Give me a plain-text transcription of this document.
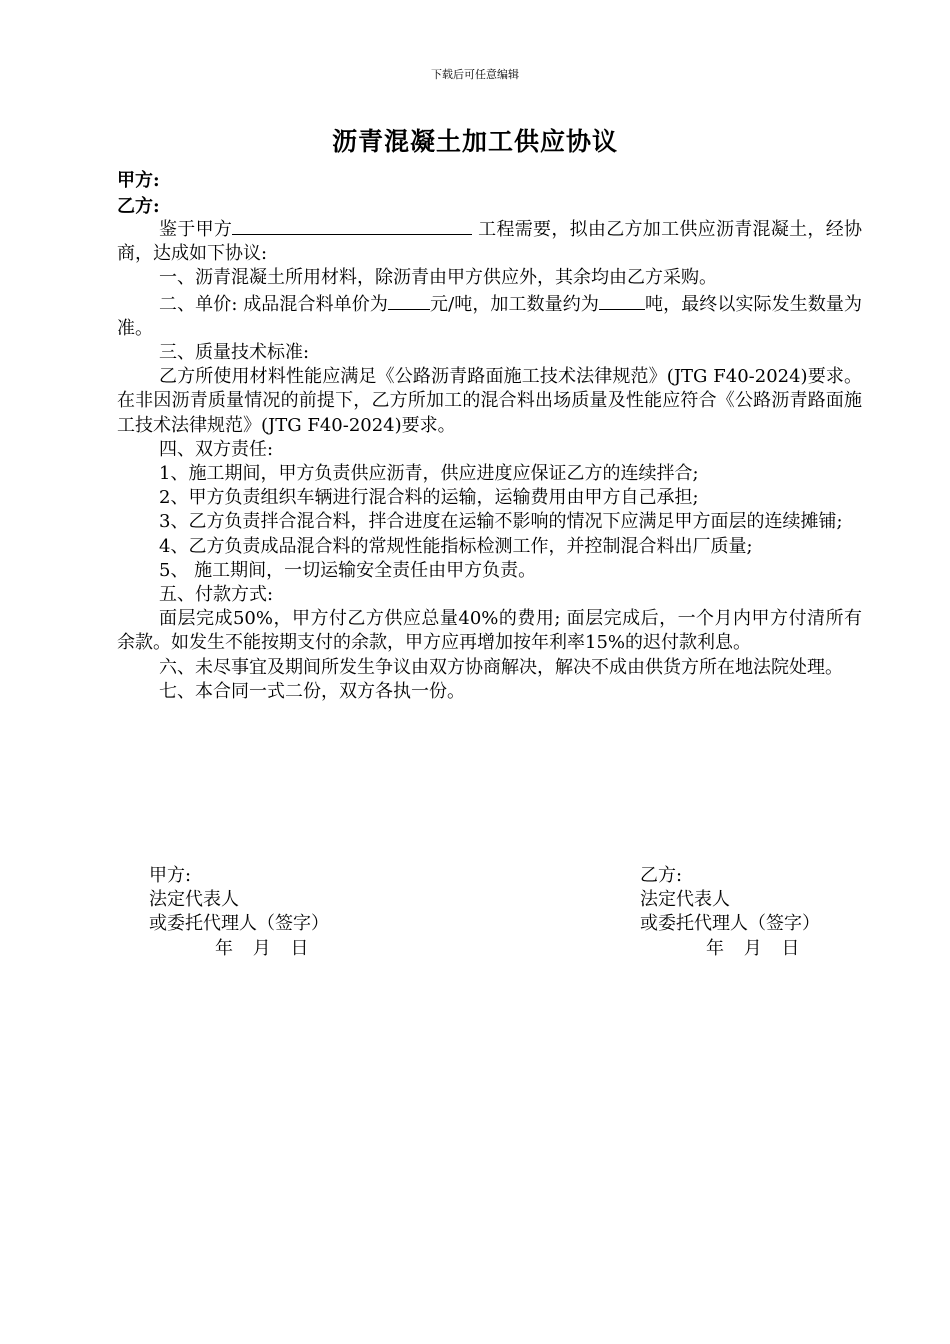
下载后可任意编辑
沥青混凝土加工供应协议
甲方:
乙方:

鉴于甲方	工程需要，拟由乙方加工供应沥青混凝土，经协商，达成如下协议:

一、沥青混凝土所用材料，除沥青由甲方供应外，其余均由乙方采购。

二、单价: 成品混合料单价为 元/吨，加工数量约为	吨，最终以实际发生数量为准。

三、质量技术标准:

乙方所使用材料性能应满足《公路沥青路面施工技术法律规范》(JTG F40-2024)要求。在非因沥青质量情况的前提下，乙方所加工的混合料出场质量及性能应符合《公路沥青路面施工技术法律规范》(JTG F40-2024)要求。

四、双方责任:

1、施工期间，甲方负责供应沥青，供应进度应保证乙方的连续拌合;

2、甲方负责组织车辆进行混合料的运输，运输费用由甲方自己承担;

3、乙方负责拌合混合料，拌合进度在运输不影响的情况下应满足甲方面层的连续摊铺;

4、乙方负责成品混合料的常规性能指标检测工作，并控制混合料出厂质量;

5、 施工期间，一切运输安全责任由甲方负责。

五、付款方式:

面层完成50%，甲方付乙方供应总量40%的费用; 面层完成后，一个月内甲方付清所有余款。如发生不能按期支付的余款，甲方应再增加按年利率15%的迟付款利息。

六、未尽事宜及期间所发生争议由双方协商解决，解决不成由供货方所在地法院处理。

七、本合同一式二份，双方各执一份。

甲方:
法定代表人
或委托代理人（签字）
年 月 日
乙方:
法定代表人
或委托代理人（签字）
年 月 日
